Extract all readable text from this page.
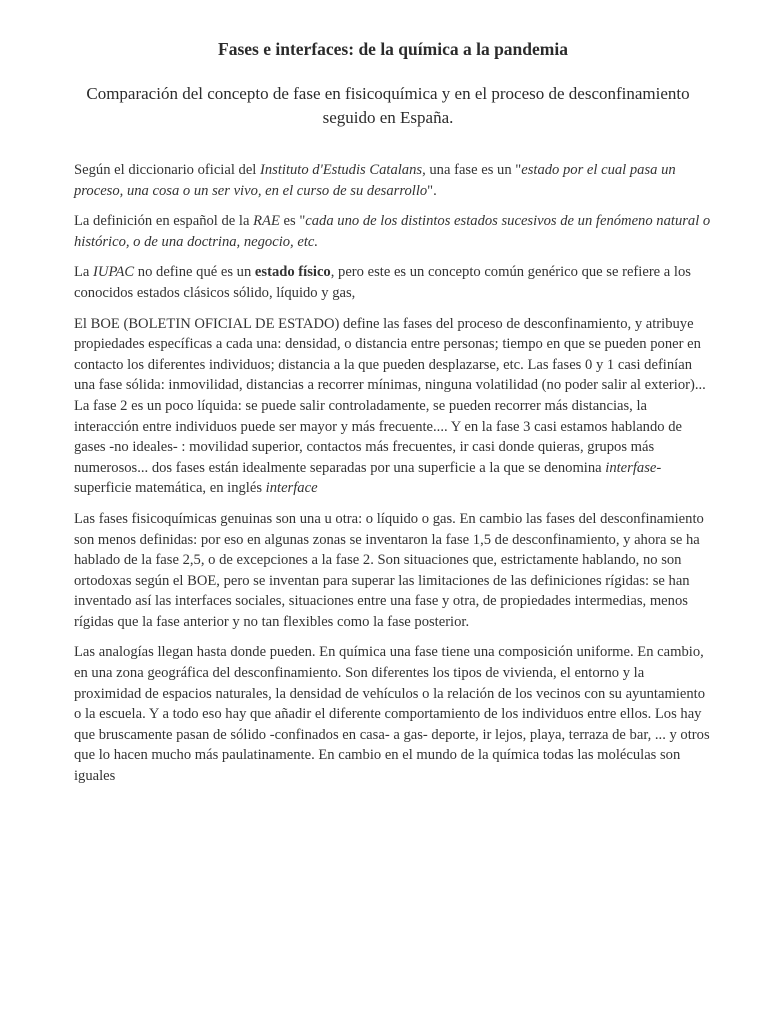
Fases e interfaces: de la química a la pandemia
Comparación del concepto de fase en fisicoquímica y en el proceso de desconfinamiento seguido en España.

Según el diccionario oficial del Instituto d'Estudis Catalans, una fase es un "estado por el cual pasa un proceso, una cosa o un ser vivo, en el curso de su desarrollo".

La definición en español de la RAE es "cada uno de los distintos estados sucesivos de un fenómeno natural o histórico, o de una doctrina, negocio, etc.

La IUPAC no define qué es un estado físico, pero este es un concepto común genérico que se refiere a los conocidos estados clásicos sólido, líquido y gas,

El BOE (BOLETIN OFICIAL DE ESTADO) define las fases del proceso de desconfinamiento, y atribuye propiedades específicas a cada una: densidad, o distancia entre personas; tiempo en que se pueden poner en contacto los diferentes individuos; distancia a la que pueden desplazarse, etc. Las fases 0 y 1 casi definían una fase sólida: inmovilidad, distancias a recorrer mínimas, ninguna volatilidad (no poder salir al exterior)... La fase 2 es un poco líquida: se puede salir controladamente, se pueden recorrer más distancias, la interacción entre individuos puede ser mayor y más frecuente.... Y en la fase 3 casi estamos hablando de gases -no ideales- : movilidad superior, contactos más frecuentes, ir casi donde quieras, grupos más numerosos... dos fases están idealmente separadas por una superficie a la que se denomina interfase-superficie matemática, en inglés interface

Las fases fisicoquímicas genuinas son una u otra: o líquido o gas. En cambio las fases del desconfinamiento son menos definidas: por eso en algunas zonas se inventaron la fase 1,5 de desconfinamiento, y ahora se ha hablado de la fase 2,5, o de excepciones a la fase 2. Son situaciones que, estrictamente hablando, no son ortodoxas según el BOE, pero se inventan para superar las limitaciones de las definiciones rígidas: se han inventado así las interfaces sociales, situaciones entre una fase y otra, de propiedades intermedias, menos rígidas que la fase anterior y no tan flexibles como la fase posterior.

Las analogías llegan hasta donde pueden. En química una fase tiene una composición uniforme. En cambio, en una zona geográfica del desconfinamiento. Son diferentes los tipos de vivienda, el entorno y la proximidad de espacios naturales, la densidad de vehículos o la relación de los vecinos con su ayuntamiento o la escuela. Y a todo eso hay que añadir el diferente comportamiento de los individuos entre ellos. Los hay que bruscamente pasan de sólido -confinados en casa- a gas- deporte, ir lejos, playa, terraza de bar, ... y otros que lo hacen mucho más paulatinamente. En cambio en el mundo de la química todas las moléculas son iguales
